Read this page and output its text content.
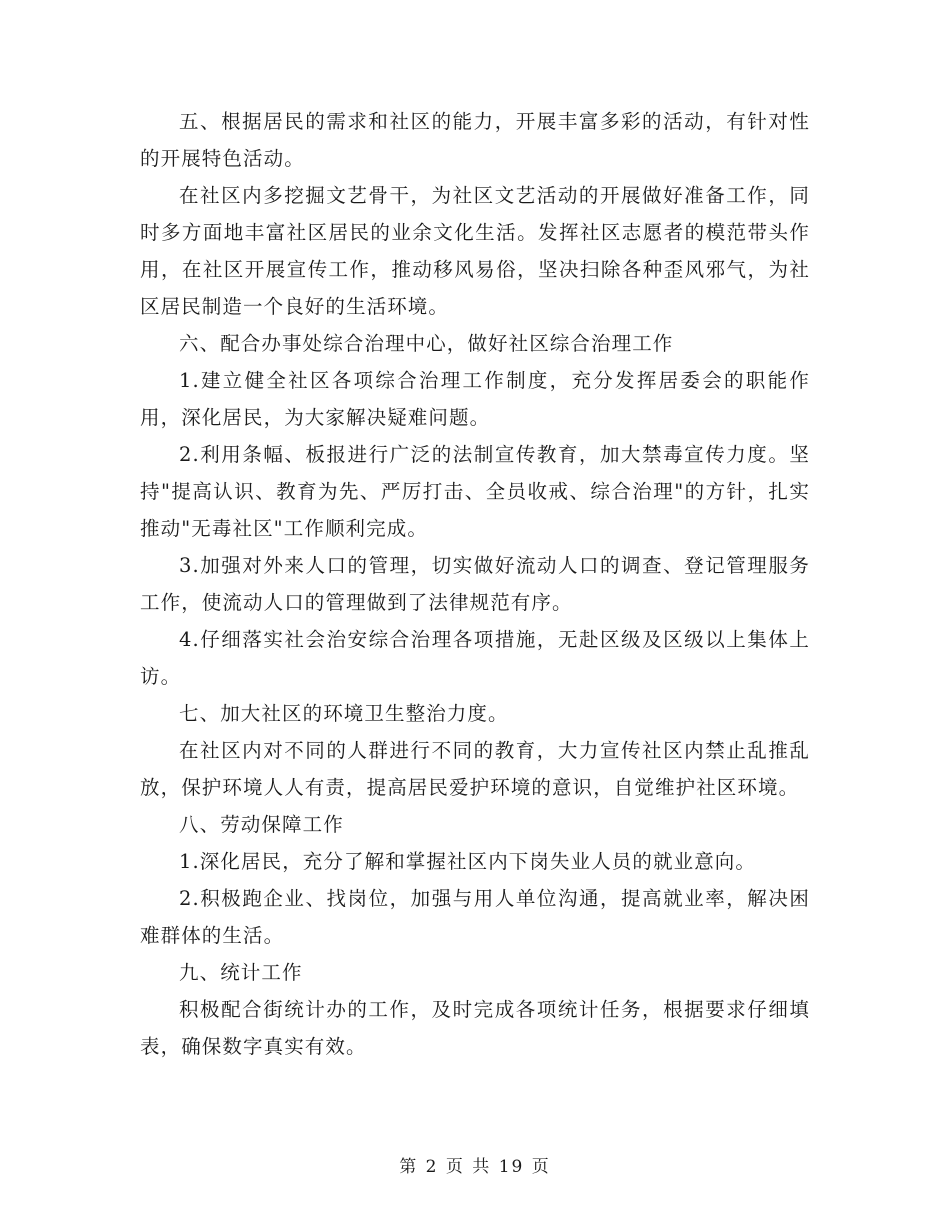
五、根据居民的需求和社区的能力，开展丰富多彩的活动，有针对性的开展特色活动。

在社区内多挖掘文艺骨干，为社区文艺活动的开展做好准备工作，同时多方面地丰富社区居民的业余文化生活。发挥社区志愿者的模范带头作用，在社区开展宣传工作，推动移风易俗，坚决扫除各种歪风邪气，为社区居民制造一个良好的生活环境。

六、配合办事处综合治理中心，做好社区综合治理工作

1.建立健全社区各项综合治理工作制度，充分发挥居委会的职能作用，深化居民，为大家解决疑难问题。

2.利用条幅、板报进行广泛的法制宣传教育，加大禁毒宣传力度。坚持"提高认识、教育为先、严厉打击、全员收戒、综合治理"的方针，扎实推动"无毒社区"工作顺利完成。

3.加强对外来人口的管理，切实做好流动人口的调查、登记管理服务工作，使流动人口的管理做到了法律规范有序。

4.仔细落实社会治安综合治理各项措施，无赴区级及区级以上集体上访。

七、加大社区的环境卫生整治力度。

在社区内对不同的人群进行不同的教育，大力宣传社区内禁止乱推乱放，保护环境人人有责，提高居民爱护环境的意识，自觉维护社区环境。

八、劳动保障工作

1.深化居民，充分了解和掌握社区内下岗失业人员的就业意向。

2.积极跑企业、找岗位，加强与用人单位沟通，提高就业率，解决困难群体的生活。

九、统计工作

积极配合街统计办的工作，及时完成各项统计任务，根据要求仔细填表，确保数字真实有效。

第 2 页 共 19 页
